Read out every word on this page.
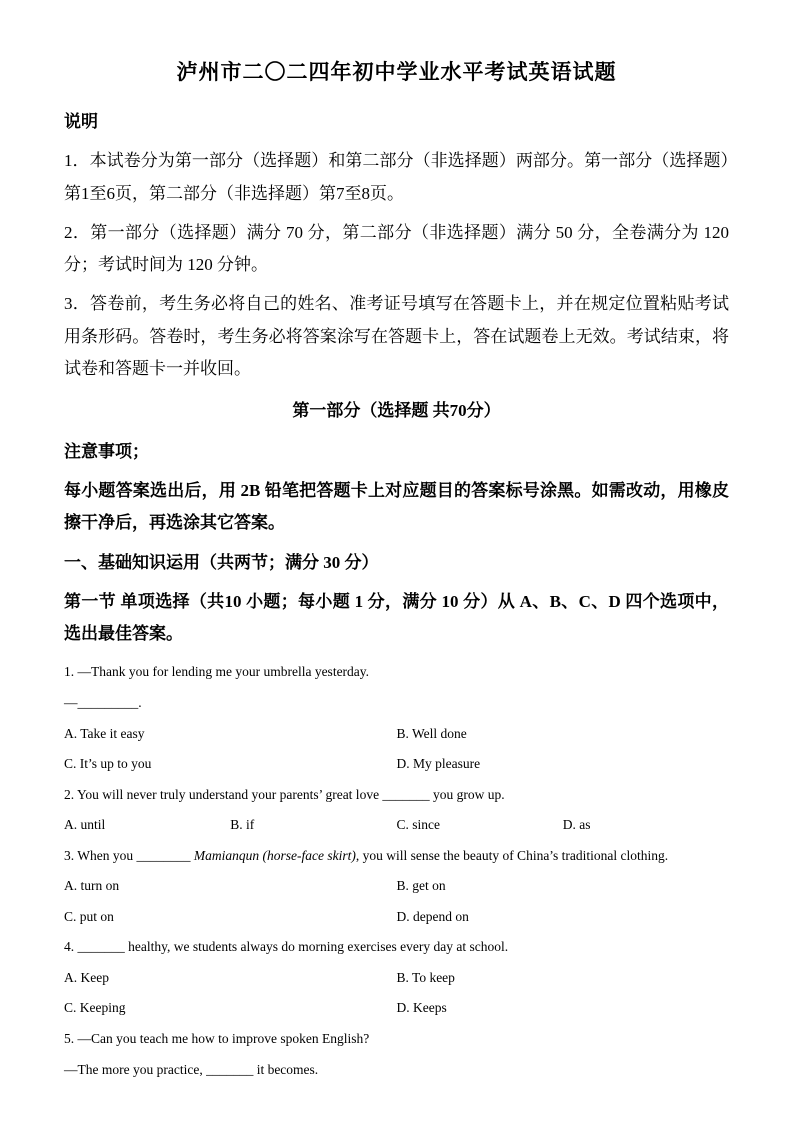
泸州市二〇二四年初中学业水平考试英语试题
说明
1．本试卷分为第一部分（选择题）和第二部分（非选择题）两部分。第一部分（选择题）第1至6页，第二部分（非选择题）第7至8页。
2．第一部分（选择题）满分 70 分，第二部分（非选择题）满分 50 分，全卷满分为 120 分；考试时间为 120 分钟。
3．答卷前，考生务必将自己的姓名、准考证号填写在答题卡上，并在规定位置粘贴考试用条形码。答卷时，考生务必将答案涂写在答题卡上，答在试题卷上无效。考试结束，将试卷和答题卡一并收回。
第一部分（选择题 共70分）
注意事项；
每小题答案选出后，用 2B 铅笔把答题卡上对应题目的答案标号涂黑。如需改动，用橡皮擦干净后，再选涂其它答案。
一、基础知识运用（共两节；满分 30 分）
第一节 单项选择（共10 小题；每小题 1 分，满分 10 分）从 A、B、C、D 四个选项中，选出最佳答案。
1. —Thank you for lending me your umbrella yesterday.
—_________.
A. Take it easy	B. Well done
C. It’s up to you	D. My pleasure
2. You will never truly understand your parents’ great love _______ you grow up.
A. until	B. if	C. since	D. as
3. When you ________ Mamianqun (horse-face skirt), you will sense the beauty of China’s traditional clothing.
A. turn on	B. get on
C. put on	D. depend on
4. _______ healthy, we students always do morning exercises every day at school.
A. Keep	B. To keep
C. Keeping	D. Keeps
5. —Can you teach me how to improve spoken English?
—The more you practice, _______ it becomes.
